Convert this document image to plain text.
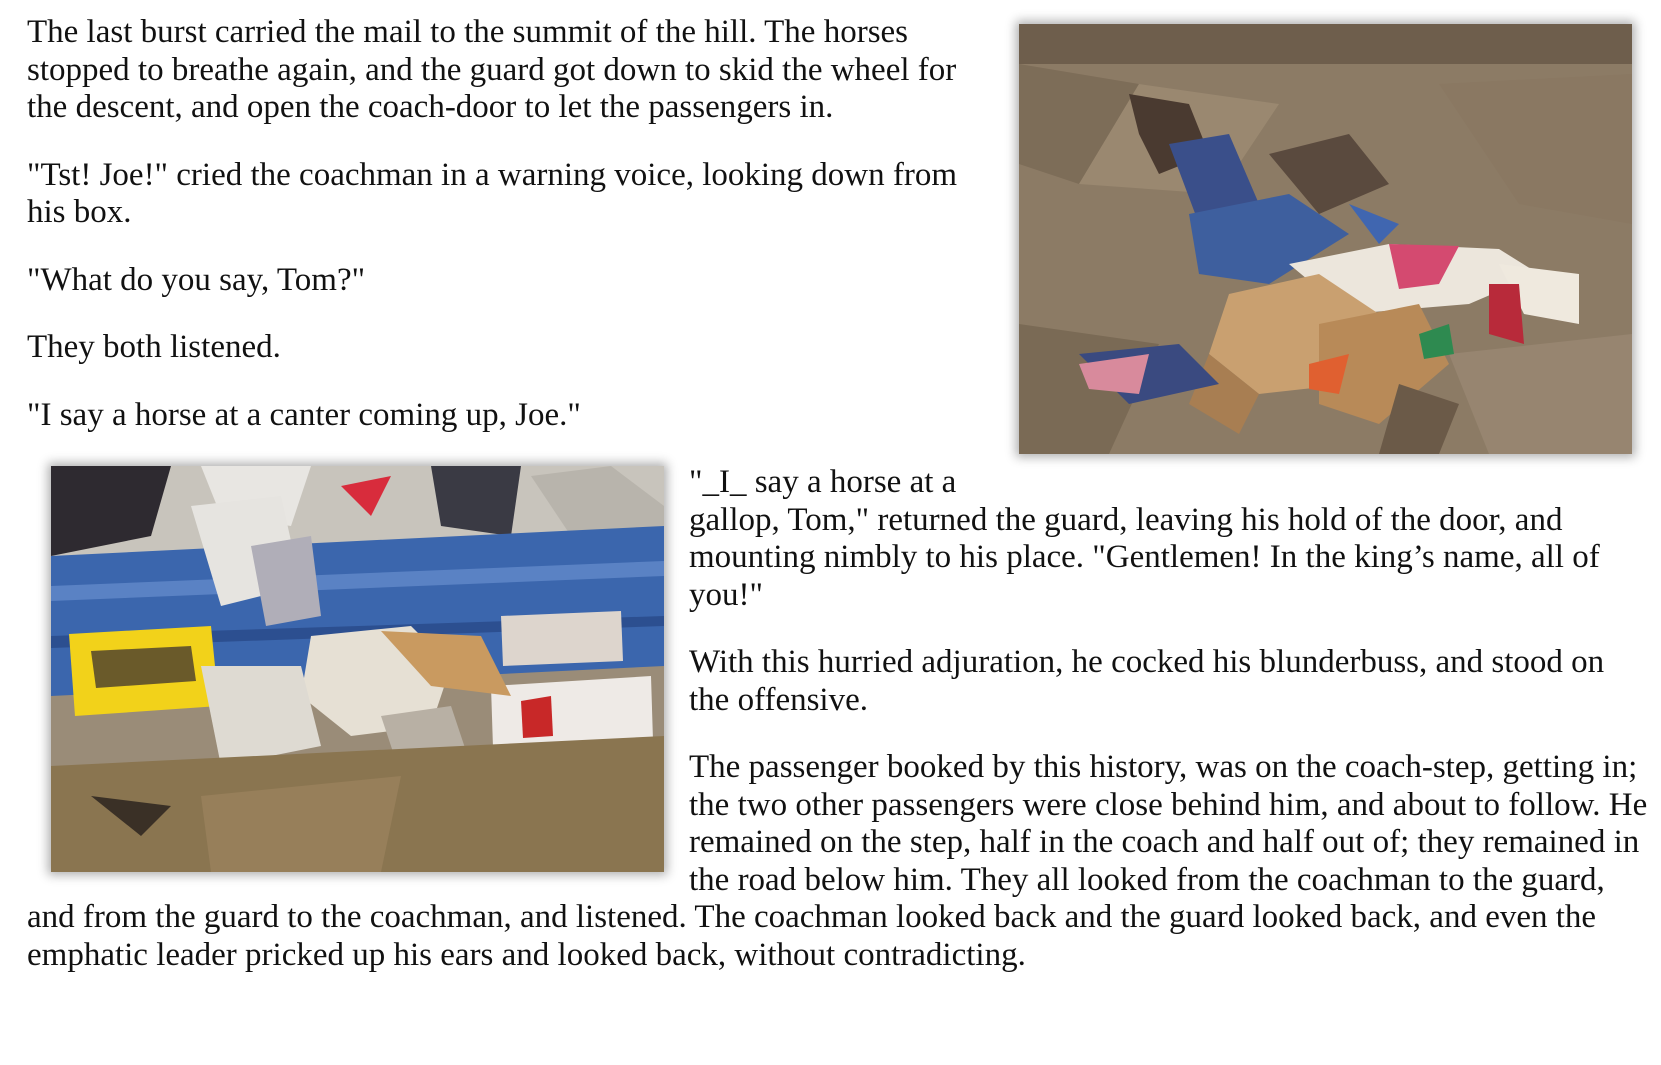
The last burst carried the mail to the summit of the hill. The horses stopped to breathe again, and the guard got down to skid the wheel for the descent, and open the coach-door to let the passengers in.

"Tst! Joe!" cried the coachman in a warning voice, looking down from his box.

"What do you say, Tom?"

They both listened.

"I say a horse at a canter coming up, Joe."

"_I_ say a horse at a gallop, Tom," returned the guard, leaving his hold of the door, and mounting nimbly to his place. "Gentlemen! In the king’s name, all of you!"

With this hurried adjuration, he cocked his blunderbuss, and stood on the offensive.

The passenger booked by this history, was on the coach-step, getting in; the two other passengers were close behind him, and about to follow. He remained on the step, half in the coach and half out of; they remained in the road below him. They all looked from the coachman to the guard, and from the guard to the coachman, and listened. The coachman looked back and the guard looked back, and even the emphatic leader pricked up his ears and looked back, without contradicting.
